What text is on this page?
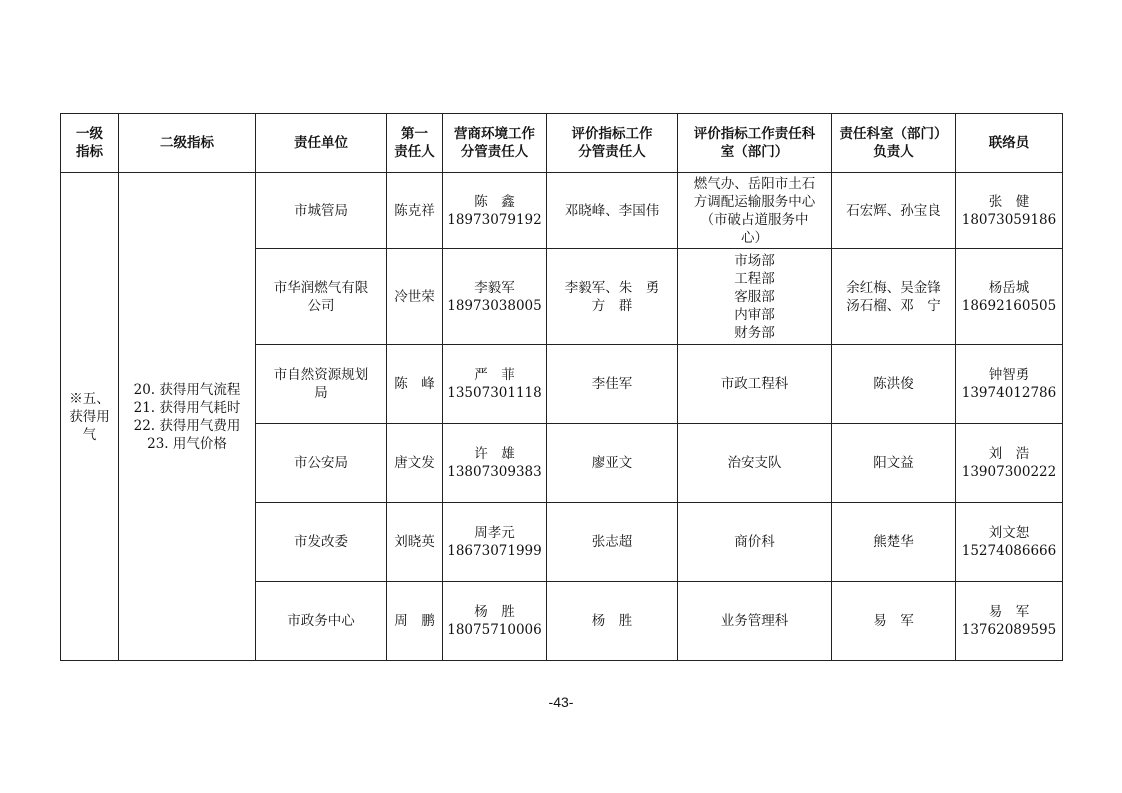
一级
指标	二级指标	责任单位	第一
责任人	营商环境工作
分管责任人	评价指标工作
分管责任人	评价指标工作责任科
室（部门）	责任科室（部门）
负责人	联络员

※五、
获得用
气	20. 获得用气流程
21. 获得用气耗时
22. 获得用气费用
23. 用气价格	市城管局	陈克祥	陈　鑫
18973079192	邓晓峰、李国伟	燃气办、岳阳市土石
方调配运输服务中心
（市破占道服务中
心）	石宏辉、孙宝良	张　健
18073059186

		市华润燃气有限
公司	冷世荣	李毅军
18973038005	李毅军、朱　勇
方　群	市场部
工程部
客服部
内审部
财务部	余红梅、吴金锋
汤石榴、邓　宁	杨岳城
18692160505

		市自然资源规划
局	陈　峰	严　菲
13507301118	李佳军	市政工程科	陈洪俊	钟智勇
13974012786

		市公安局	唐文发	许　雄
13807309383	廖亚文	治安支队	阳文益	刘　浩
13907300222

		市发改委	刘晓英	周孝元
18673071999	张志超	商价科	熊楚华	刘文恕
15274086666

		市政务中心	周　鹏	杨　胜
18075710006	杨　胜	业务管理科	易　军	易　军
13762089595
-43-
